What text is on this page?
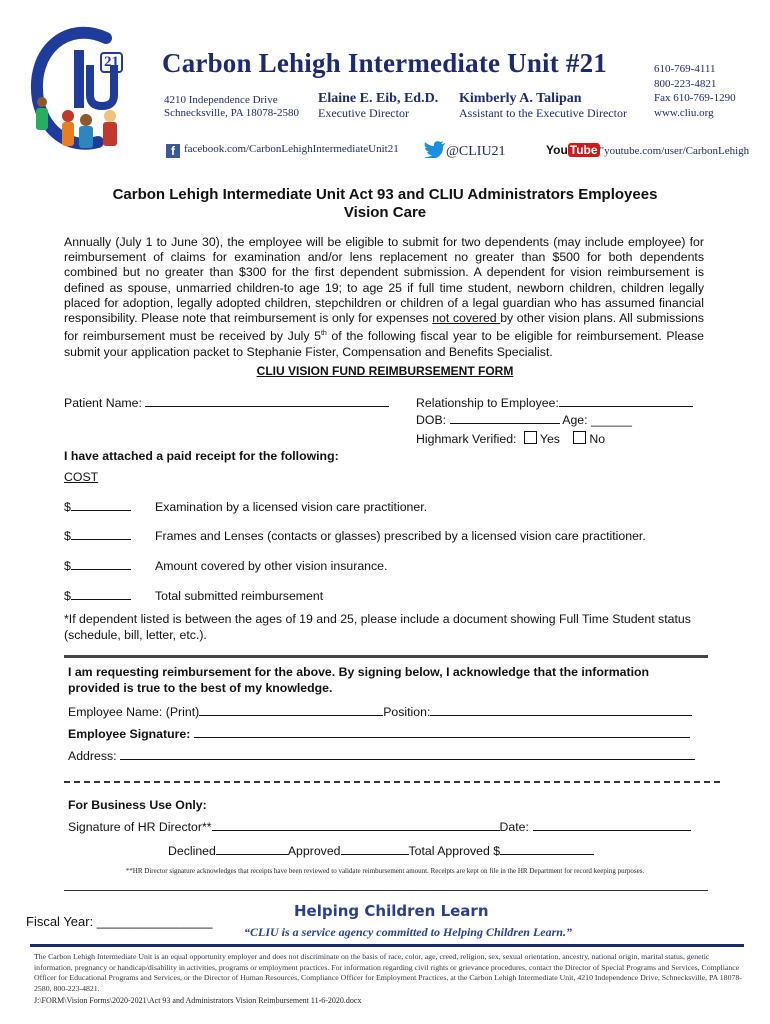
21 Carbon Lehigh Intermediate Unit #21
4210 Independence Drive
Schnecksville, PA 18078-2580
Elaine E. Eib, Ed.D.
Executive Director
Kimberly A. Talipan
Assistant to the Executive Director
610-769-4111
800-223-4821
Fax 610-769-1290
www.cliu.org
f facebook.com/CarbonLehighIntermediateUnit21	@CLIU21	You Tube "youtube.com/user/CarbonLehigh
Carbon Lehigh Intermediate Unit Act 93 and CLIU Administrators Employees
Vision Care
Annually (July 1 to June 30), the employee will be eligible to submit for two dependents (may include employee) for reimbursement of claims for examination and/or lens replacement no greater than $500 for both dependents combined but no greater than $300 for the first dependent submission. A dependent for vision reimbursement is defined as spouse, unmarried children-to age 19; to age 25 if full time student, newborn children, children legally placed for adoption, legally adopted children, stepchildren or children of a legal guardian who has assumed financial responsibility. Please note that reimbursement is only for expenses not covered by other vision plans. All submissions for reimbursement must be received by July 5th of the following fiscal year to be eligible for reimbursement. Please submit your application packet to Stephanie Fister, Compensation and Benefits Specialist.
CLIU VISION FUND REIMBURSEMENT FORM
Patient Name:	Relationship to Employee:
DOB:	Age: ______
Highmark Verified: Yes No
I have attached a paid receipt for the following:
COST
$	Examination by a licensed vision care practitioner.
$	Frames and Lenses (contacts or glasses) prescribed by a licensed vision care practitioner.
$	Amount covered by other vision insurance.
$	Total submitted reimbursement
*If dependent listed is between the ages of 19 and 25, please include a document showing Full Time Student status (schedule, bill, letter, etc.).
I am requesting reimbursement for the above. By signing below, I acknowledge that the information provided is true to the best of my knowledge.
Employee Name: (Print)	Position:
Employee Signature:
Address:
For Business Use Only:
Signature of HR Director**	Date:
Declined	Approved	Total Approved $
**HR Director signature acknowledges that receipts have been reviewed to validate reimbursement amount. Receipts are kept on file in the HR Department for record keeping purposes.
Fiscal Year: ________________
Helping Children Learn
“CLIU is a service agency committed to Helping Children Learn.”
The Carbon Lehigh Intermediate Unit is an equal opportunity employer and does not discriminate on the basis of race, color, age, creed, religion, sex, sexual orientation, ancestry, national origin, marital status, genetic information, pregnancy or handicap/disability in activities, programs or employment practices. For information regarding civil rights or grievance procedures, contact the Director of Special Programs and Services, Compliance Officer for Educational Programs and Services, or the Director of Human Resources, Compliance Officer for Employment Practices, at the Carbon Lehigh Intermediate Unit, 4210 Independence Drive, Schnecksville, PA 18078-2580, 800-223-4821.
J:\FORM\Vision Forms\2020-2021\Act 93 and Administrators Vision Reimbursement 11-6-2020.docx
